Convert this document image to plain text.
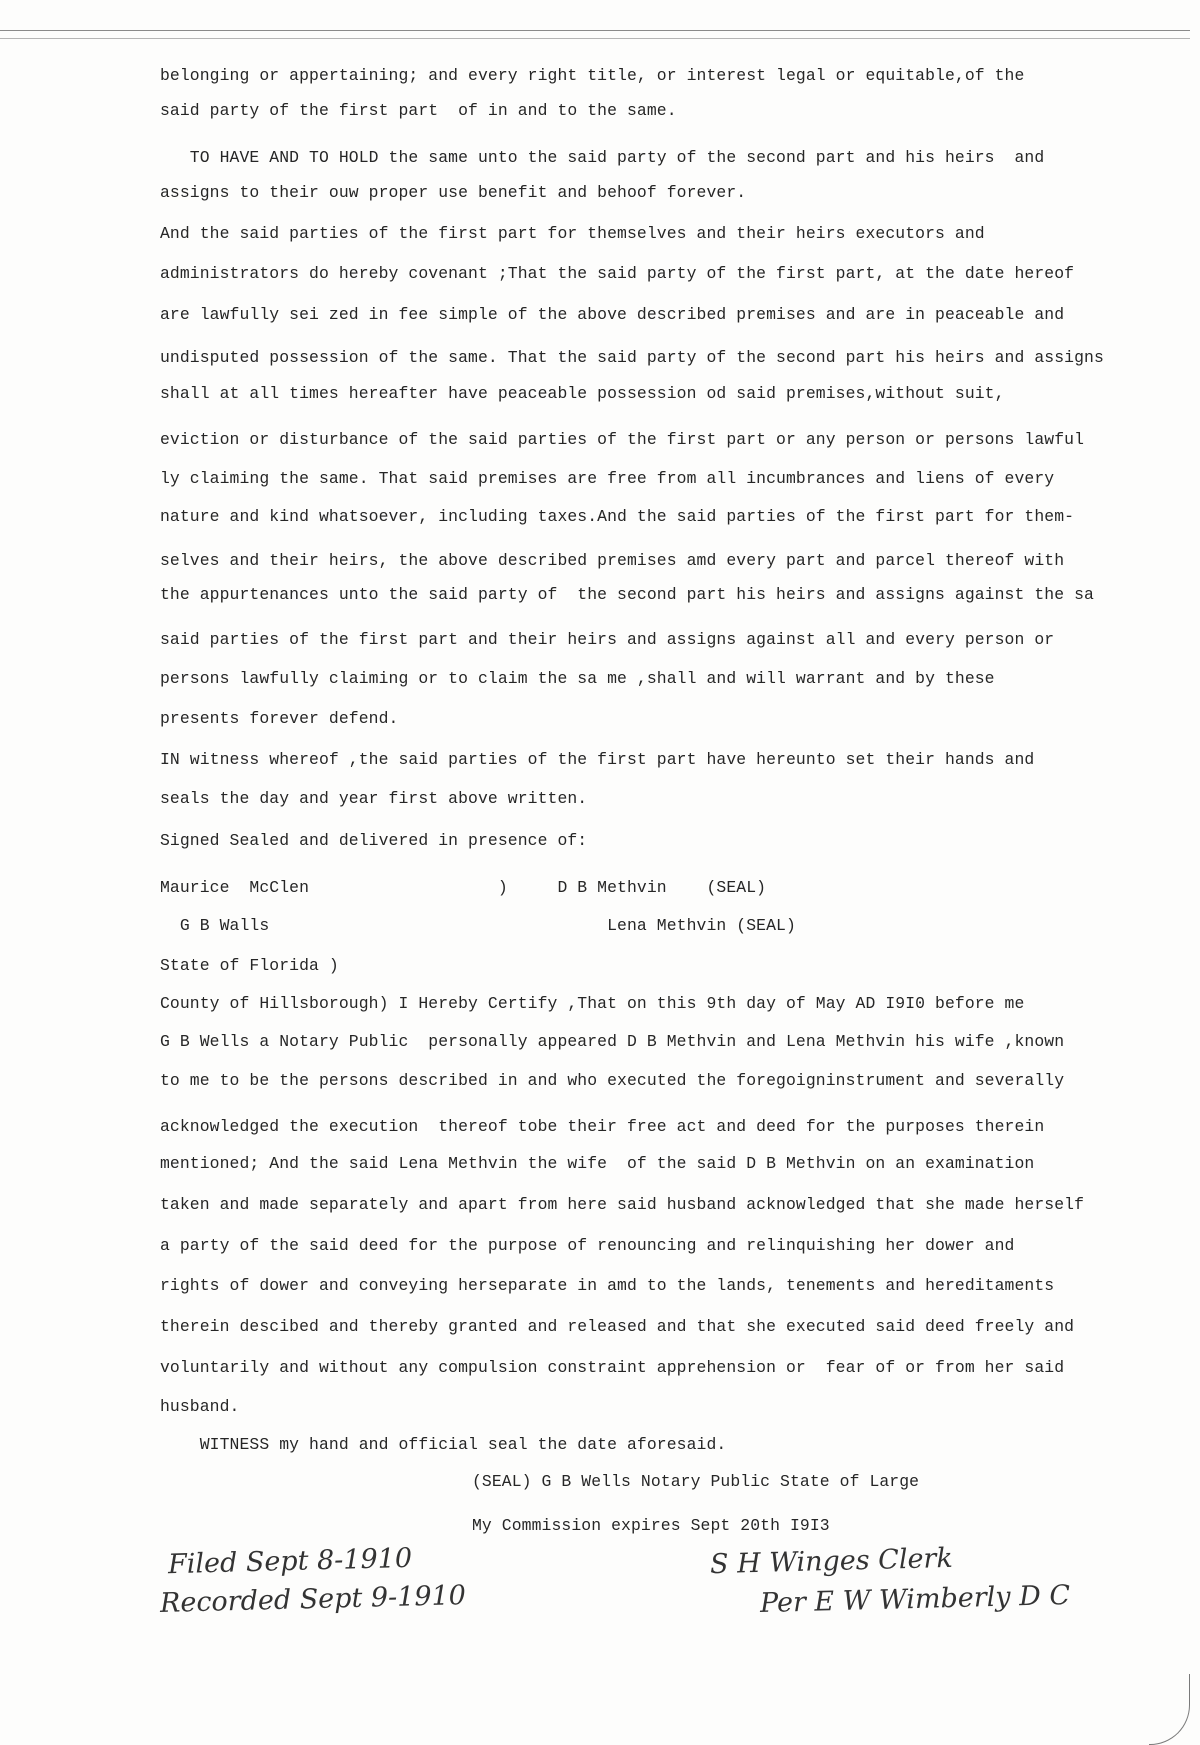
belonging or appertaining; and every right title, or interest legal or equitable,of the
said party of the first part  of in and to the same.
TO HAVE AND TO HOLD the same unto the said party of the second part and his heirs  and
assigns to their ouw proper use benefit and behoof forever.
And the said parties of the first part for themselves and their heirs executors and
administrators do hereby covenant ;That the said party of the first part, at the date hereof
are lawfully sei zed in fee simple of the above described premises and are in peaceable and
undisputed possession of the same. That the said party of the second part his heirs and assigns
shall at all times hereafter have peaceable possession od said premises,without suit,
eviction or disturbance of the said parties of the first part or any person or persons lawful
ly claiming the same. That said premises are free from all incumbrances and liens of every
nature and kind whatsoever, including taxes.And the said parties of the first part for them-
selves and their heirs, the above described premises amd every part and parcel thereof with
the appurtenances unto the said party of  the second part his heirs and assigns against the sa
said parties of the first part and their heirs and assigns against all and every person or
persons lawfully claiming or to claim the sa me ,shall and will warrant and by these
presents forever defend.
IN witness whereof ,the said parties of the first part have hereunto set their hands and
seals the day and year first above written.
Signed Sealed and delivered in presence of:
Maurice  McClen                   )     D B Methvin    (SEAL)
G B Walls                                  Lena Methvin (SEAL)
State of Florida )
County of Hillsborough) I Hereby Certify ,That on this 9th day of May AD I9I0 before me
G B Wells a Notary Public  personally appeared D B Methvin and Lena Methvin his wife ,known
to me to be the persons described in and who executed the foregoigninstrument and severally
acknowledged the execution  thereof tobe their free act and deed for the purposes therein
mentioned; And the said Lena Methvin the wife  of the said D B Methvin on an examination
taken and made separately and apart from here said husband acknowledged that she made herself
a party of the said deed for the purpose of renouncing and relinquishing her dower and
rights of dower and conveying herseparate in amd to the lands, tenements and hereditaments
therein descibed and thereby granted and released and that she executed said deed freely and
voluntarily and without any compulsion constraint apprehension or  fear of or from her said
husband.
WITNESS my hand and official seal the date aforesaid.
(SEAL) G B Wells Notary Public State of Large
My Commission expires Sept 20th I9I3
Filed Sept 8-1910
Recorded Sept 9-1910
S H Winges Clerk
Per E W Wimberly D C
